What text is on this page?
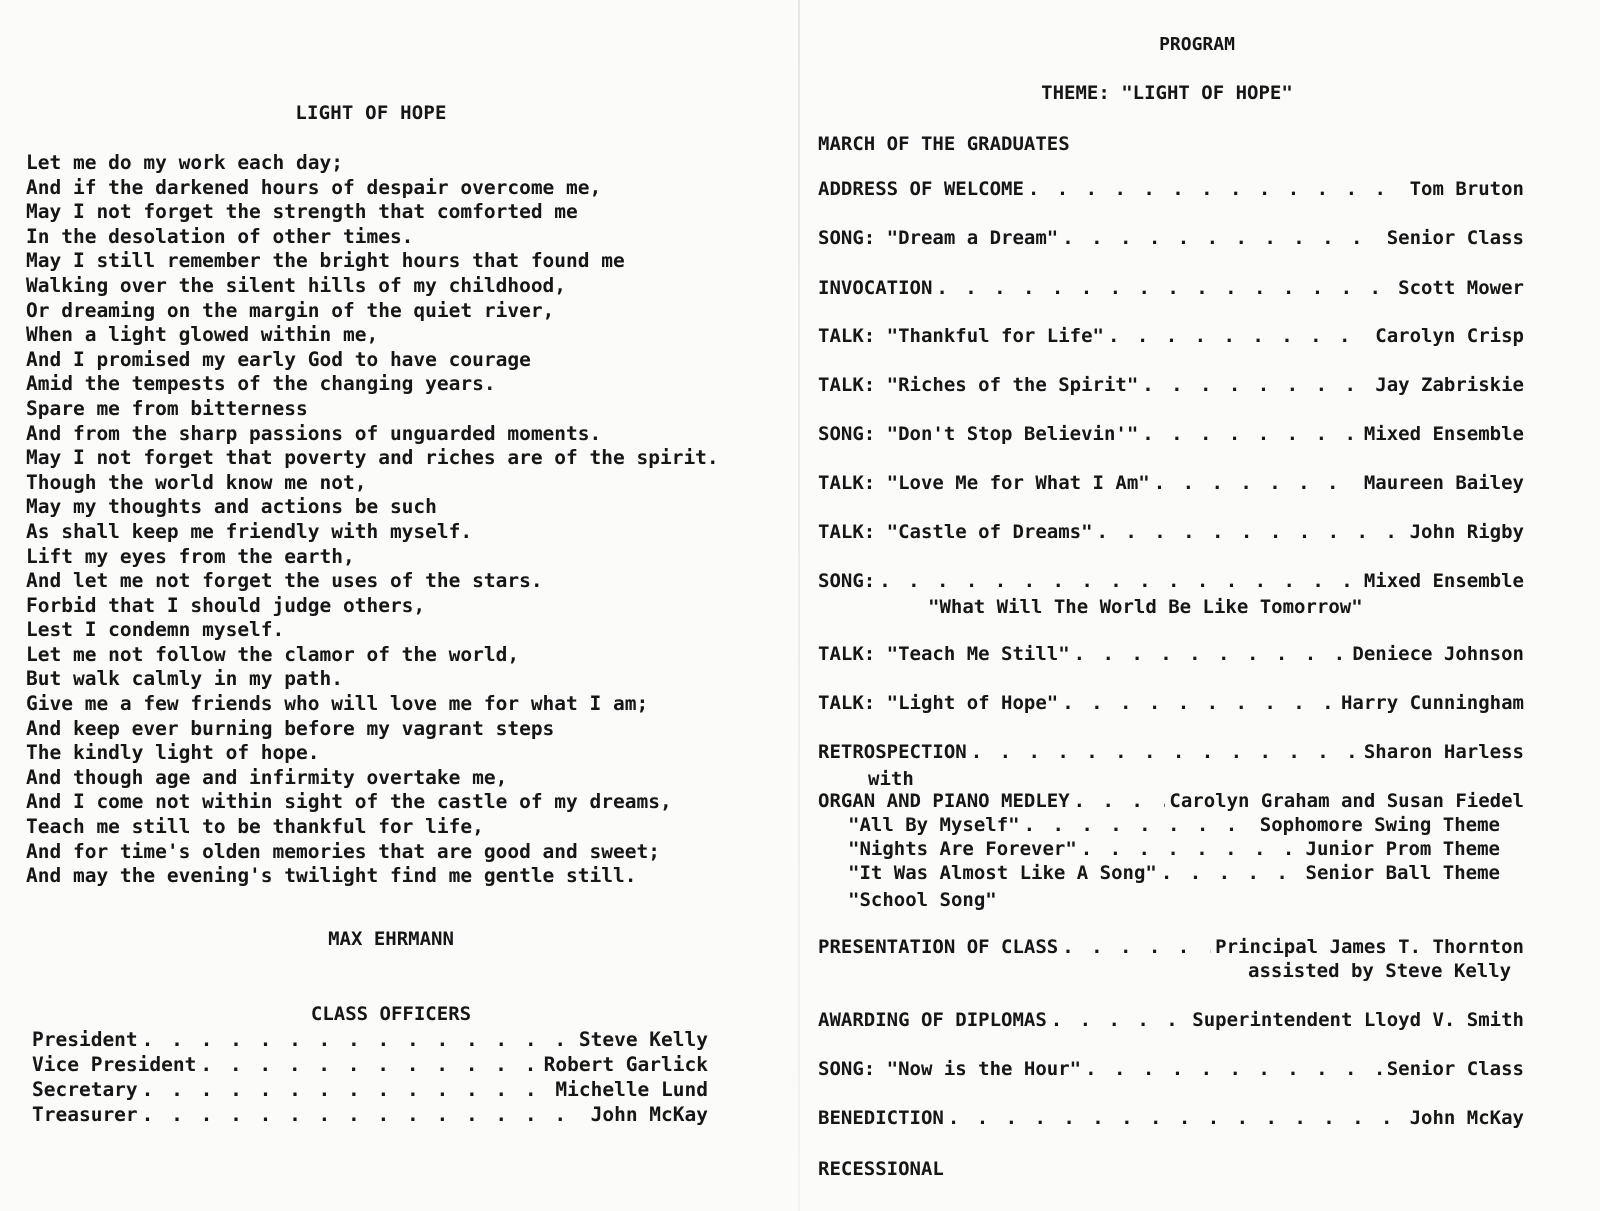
LIGHT OF HOPE
Let me do my work each day;
And if the darkened hours of despair overcome me,
May I not forget the strength that comforted me
In the desolation of other times.
May I still remember the bright hours that found me
Walking over the silent hills of my childhood,
Or dreaming on the margin of the quiet river,
When a light glowed within me,
And I promised my early God to have courage
Amid the tempests of the changing years.
Spare me from bitterness
And from the sharp passions of unguarded moments.
May I not forget that poverty and riches are of the spirit.
Though the world know me not,
May my thoughts and actions be such
As shall keep me friendly with myself.
Lift my eyes from the earth,
And let me not forget the uses of the stars.
Forbid that I should judge others,
Lest I condemn myself.
Let me not follow the clamor of the world,
But walk calmly in my path.
Give me a few friends who will love me for what I am;
And keep ever burning before my vagrant steps
The kindly light of hope.
And though age and infirmity overtake me,
And I come not within sight of the castle of my dreams,
Teach me still to be thankful for life,
And for time's olden memories that are good and sweet;
And may the evening's twilight find me gentle still.
MAX EHRMANN
CLASS OFFICERS
President . . .	Steve Kelly
Vice President . . .	Robert Garlick
Secretary . . .	Michelle Lund
Treasurer . . .	John McKay
PROGRAM
THEME: "LIGHT OF HOPE"
MARCH OF THE GRADUATES
ADDRESS OF WELCOME . . .	Tom Bruton
SONG: "Dream a Dream" . . .	Senior Class
INVOCATION . . .	Scott Mower
TALK: "Thankful for Life" . . .	Carolyn Crisp
TALK: "Riches of the Spirit" . . .	Jay Zabriskie
SONG: "Don't Stop Believin'" . . .	Mixed Ensemble
TALK: "Love Me for What I Am" . . .	Maureen Bailey
TALK: "Castle of Dreams" . . .	John Rigby
SONG: . . .	Mixed Ensemble
"What Will The World Be Like Tomorrow"
TALK: "Teach Me Still" . . .	Deniece Johnson
TALK: "Light of Hope" . . .	Harry Cunningham
RETROSPECTION . . .	Sharon Harless
with
ORGAN AND PIANO MEDLEY . . .	Carolyn Graham and Susan Fiedel
"All By Myself" . . .	Sophomore Swing Theme
"Nights Are Forever" . . .	Junior Prom Theme
"It Was Almost Like A Song" . . .	Senior Ball Theme
"School Song"
PRESENTATION OF CLASS . . .	Principal James T. Thornton
assisted by Steve Kelly
AWARDING OF DIPLOMAS . . .	Superintendent Lloyd V. Smith
SONG: "Now is the Hour" . . .	Senior Class
BENEDICTION . . .	John McKay
RECESSIONAL
